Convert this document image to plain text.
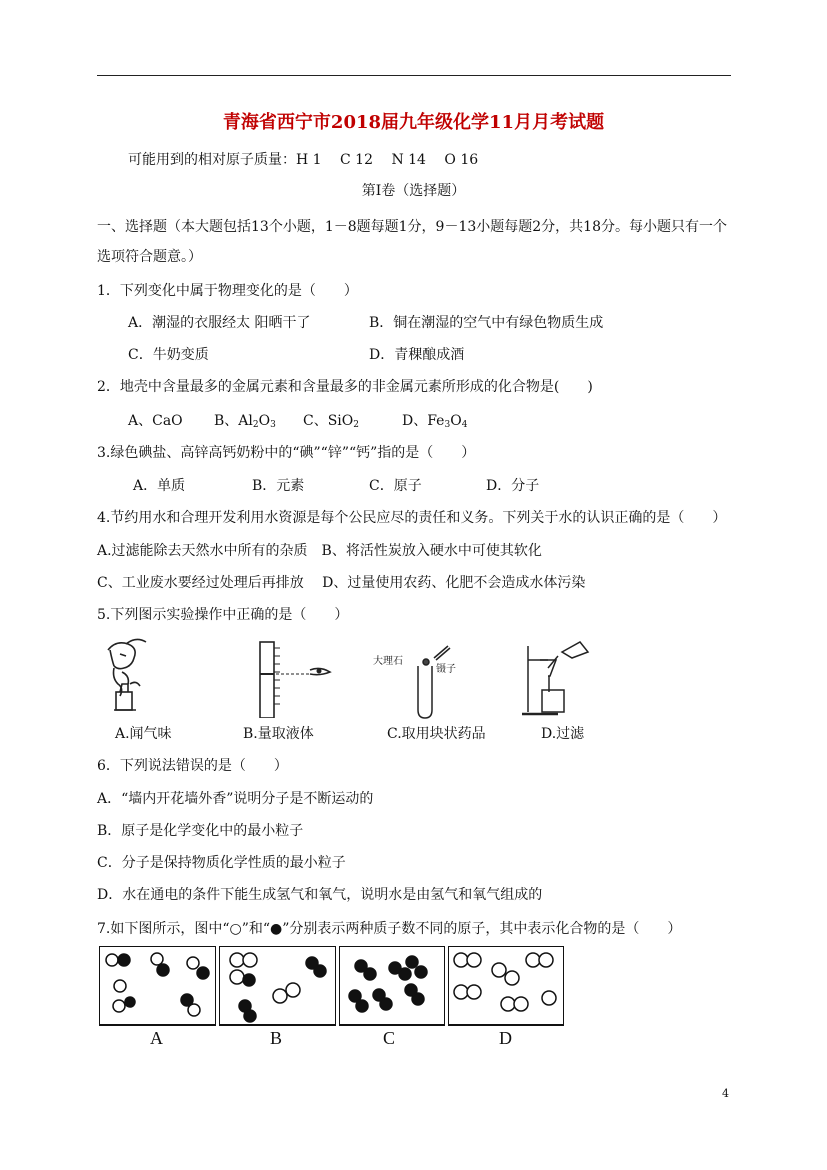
青海省西宁市2018届九年级化学11月月考试题
可能用到的相对原子质量：H 1　 C 12　 N 14　 O 16
第Ⅰ卷（选择题）
一、选择题（本大题包括13个小题，1－8题每题1分，9－13小题每题2分，共18分。每小题只有一个
选项符合题意。）
1．下列变化中属于物理变化的是（　　）
A．潮湿的衣服经太 阳晒干了	B．铜在潮湿的空气中有绿色物质生成
C．牛奶变质	D．青稞酿成酒
2．地壳中含量最多的金属元素和含量最多的非金属元素所形成的化合物是(　　)
A、CaO B、$Al_2O_3$ C、SiO$_2$	D、$Fe_3O_4$
3.绿色碘盐、高锌高钙奶粉中的“碘”“锌”“钙”指的是（　　）
A．单质	B．元素	C．原子	D．分子
4.节约用水和合理开发利用水资源是每个公民应尽的责任和义务。下列关于水的认识正确的是（　　）
A.过滤能除去天然水中所有的杂质　B、将活性炭放入硬水中可使其软化
C、工业废水要经过处理后再排放　 D、过量使用农药、化肥不会造成水体污染
5.下列图示实验操作中正确的是（　　）
大理石
镊子
A.闻气味	B.量取液体	C.取用块状药品	D.过滤
6．下列说法错误的是（　　）
A．“墙内开花墙外香”说明分子是不断运动的
B．原子是化学变化中的最小粒子
C．分子是保持物质化学性质的最小粒子
D．水在通电的条件下能生成氢气和氧气，说明水是由氢气和氧气组成的
7.如下图所示，图中“○”和“●”分别表示两种质子数不同的原子，其中表示化合物的是（　　）
A	B	C	D
4
